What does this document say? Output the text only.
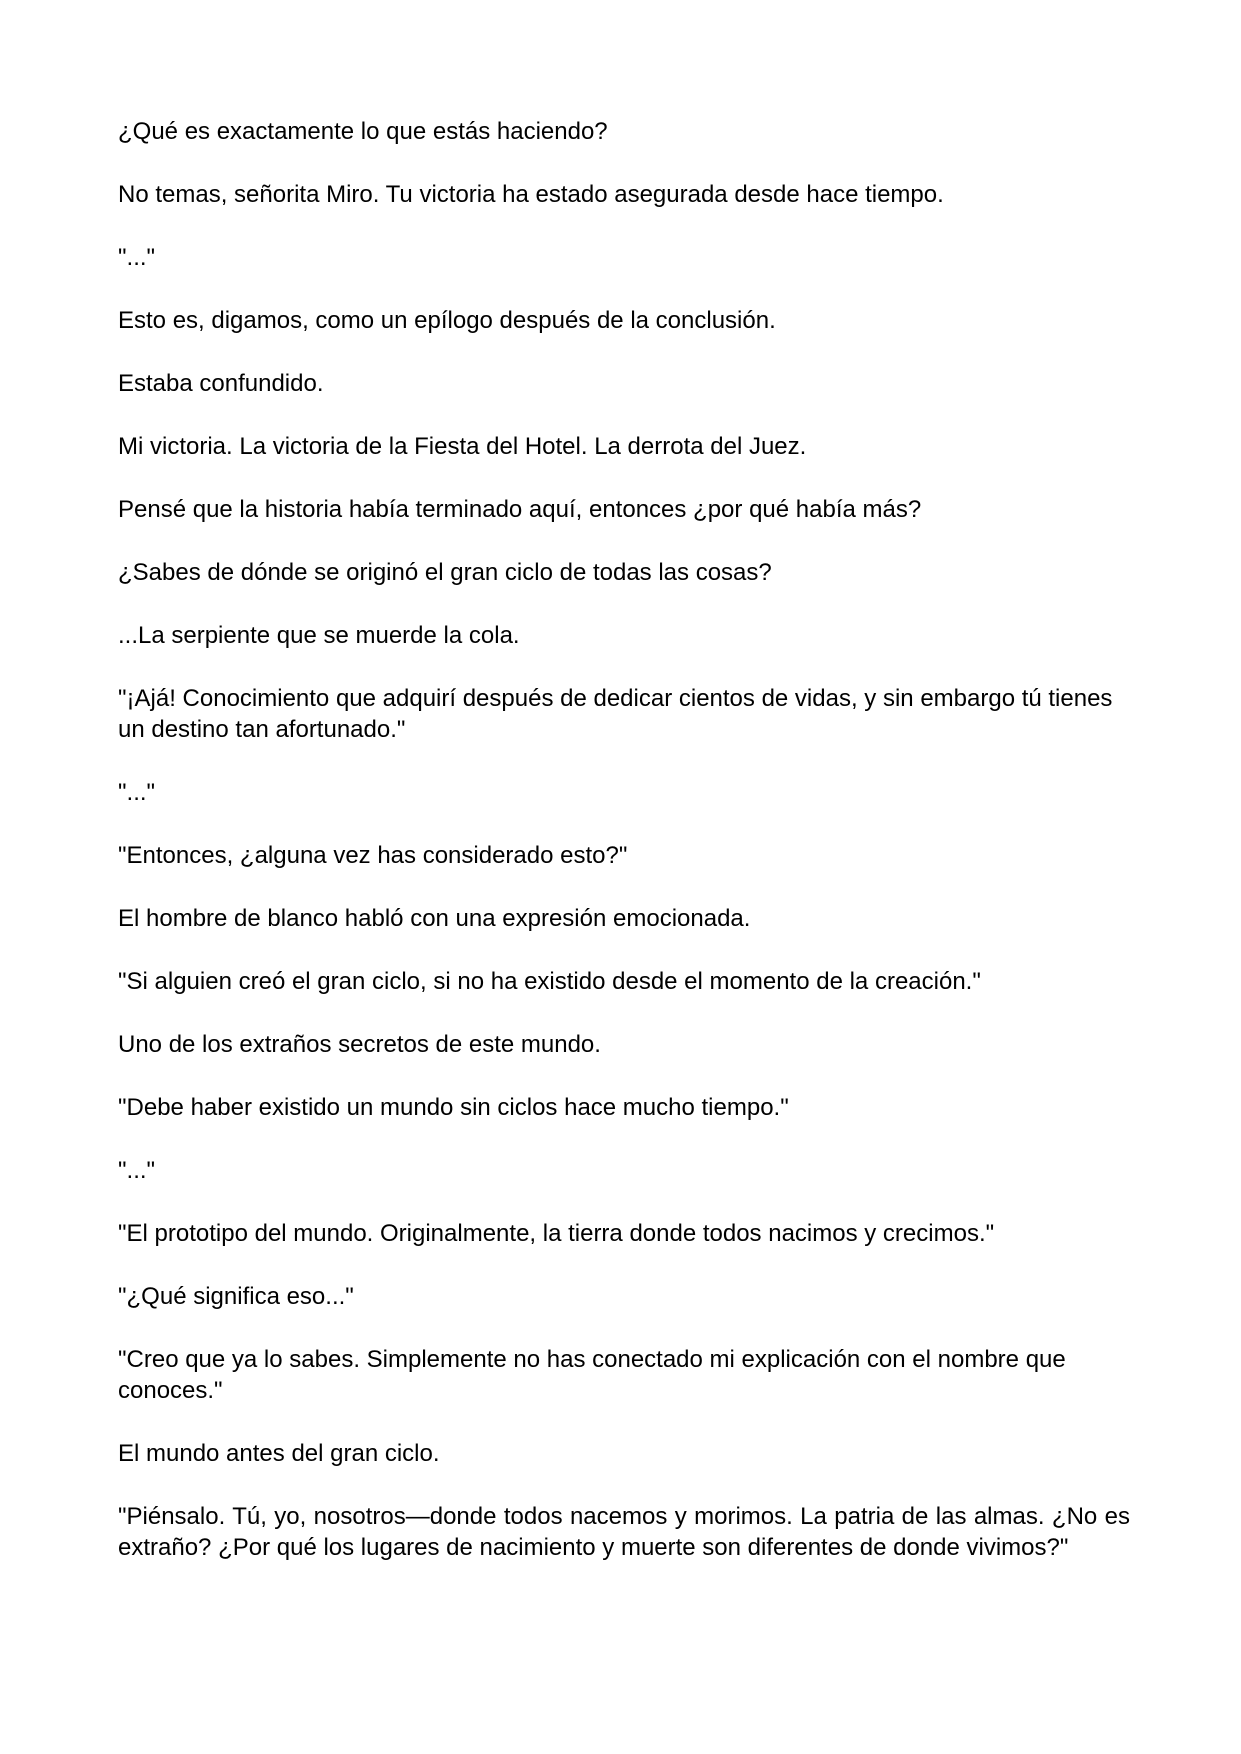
¿Qué es exactamente lo que estás haciendo?

No temas, señorita Miro. Tu victoria ha estado asegurada desde hace tiempo.

"..."

Esto es, digamos, como un epílogo después de la conclusión.

Estaba confundido.

Mi victoria. La victoria de la Fiesta del Hotel. La derrota del Juez.

Pensé que la historia había terminado aquí, entonces ¿por qué había más?

¿Sabes de dónde se originó el gran ciclo de todas las cosas?

...La serpiente que se muerde la cola.

"¡Ajá! Conocimiento que adquirí después de dedicar cientos de vidas, y sin embargo tú tienes un destino tan afortunado."

"..."

"Entonces, ¿alguna vez has considerado esto?"

El hombre de blanco habló con una expresión emocionada.

"Si alguien creó el gran ciclo, si no ha existido desde el momento de la creación."

Uno de los extraños secretos de este mundo.

"Debe haber existido un mundo sin ciclos hace mucho tiempo."

"..."

"El prototipo del mundo. Originalmente, la tierra donde todos nacimos y crecimos."

"¿Qué significa eso..."

"Creo que ya lo sabes. Simplemente no has conectado mi explicación con el nombre que conoces."

El mundo antes del gran ciclo.

"Piénsalo. Tú, yo, nosotros—donde todos nacemos y morimos. La patria de las almas. ¿No es extraño? ¿Por qué los lugares de nacimiento y muerte son diferentes de donde vivimos?"
